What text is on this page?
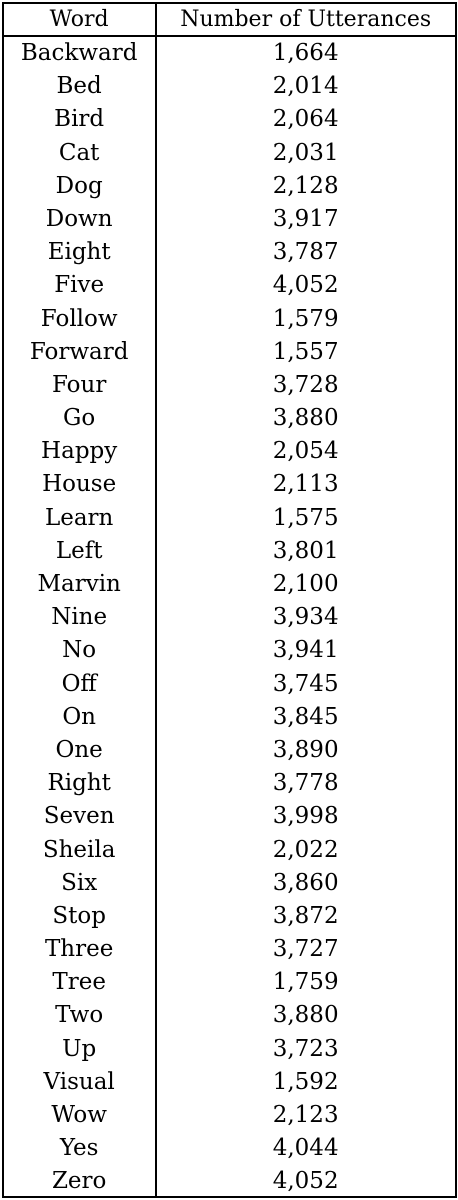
Word	Number of Utterances
Backward	1,664
Bed	2,014
Bird	2,064
Cat	2,031
Dog	2,128
Down	3,917
Eight	3,787
Five	4,052
Follow	1,579
Forward	1,557
Four	3,728
Go	3,880
Happy	2,054
House	2,113
Learn	1,575
Left	3,801
Marvin	2,100
Nine	3,934
No	3,941
Off	3,745
On	3,845
One	3,890
Right	3,778
Seven	3,998
Sheila	2,022
Six	3,860
Stop	3,872
Three	3,727
Tree	1,759
Two	3,880
Up	3,723
Visual	1,592
Wow	2,123
Yes	4,044
Zero	4,052
